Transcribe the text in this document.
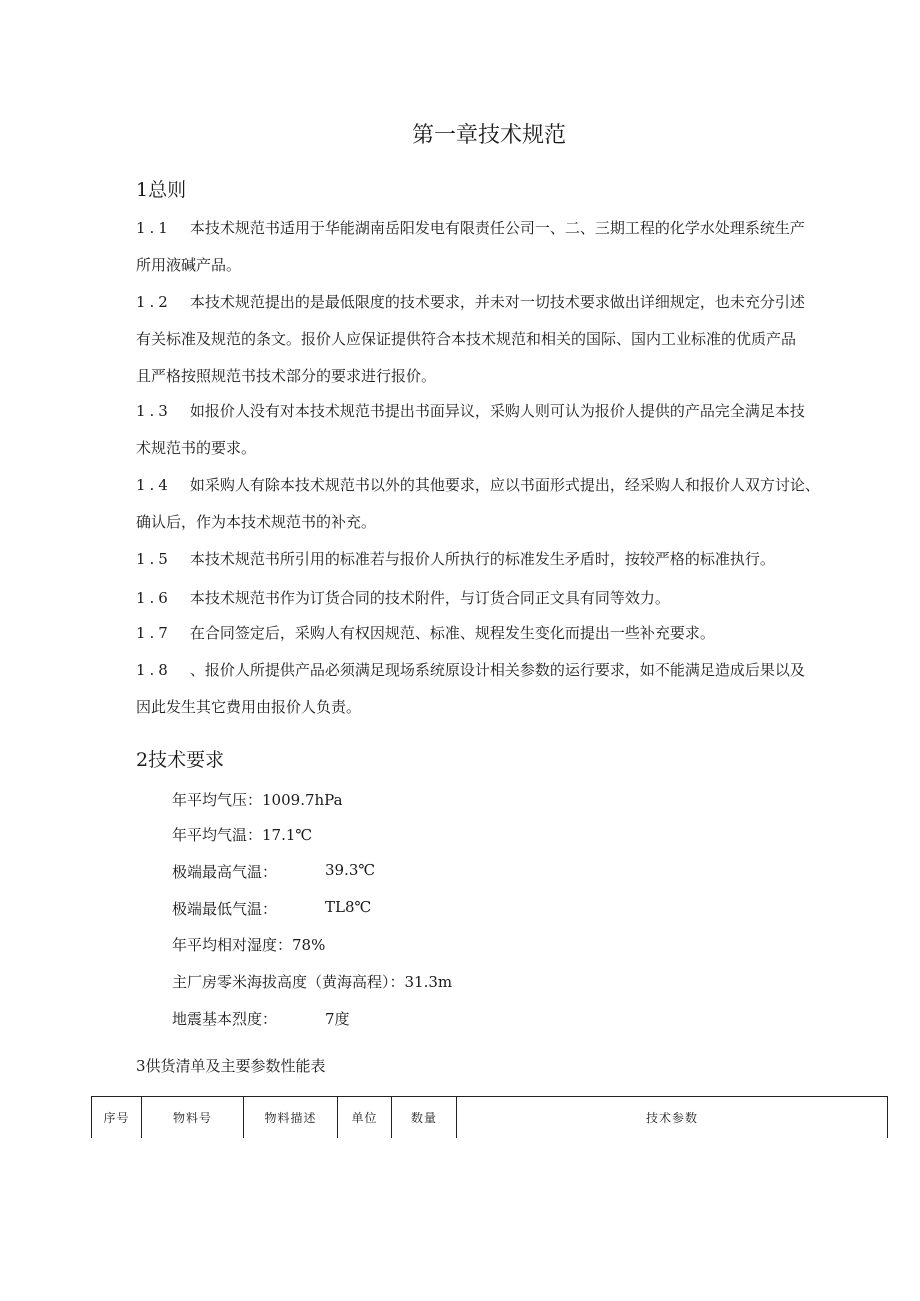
第一章技术规范
1总则
1.1 本技术规范书适用于华能湖南岳阳发电有限责任公司一、二、三期工程的化学水处理系统生产
所用液碱产品。
1.2 本技术规范提出的是最低限度的技术要求，并未对一切技术要求做出详细规定，也未充分引述
有关标准及规范的条文。报价人应保证提供符合本技术规范和相关的国际、国内工业标准的优质产品
且严格按照规范书技术部分的要求进行报价。
1.3 如报价人没有对本技术规范书提出书面异议，采购人则可认为报价人提供的产品完全满足本技
术规范书的要求。
1.4 如采购人有除本技术规范书以外的其他要求，应以书面形式提出，经采购人和报价人双方讨论、
确认后，作为本技术规范书的补充。
1.5 本技术规范书所引用的标准若与报价人所执行的标准发生矛盾时，按较严格的标准执行。
1.6 本技术规范书作为订货合同的技术附件，与订货合同正文具有同等效力。
1.7 在合同签定后，采购人有权因规范、标准、规程发生变化而提出一些补充要求。
1.8 、报价人所提供产品必须满足现场系统原设计相关参数的运行要求，如不能满足造成后果以及
因此发生其它费用由报价人负责。
2技术要求
年平均气压：1009.7hPa
年平均气温：17.1℃
极端最高气温：	39.3℃
极端最低气温：	TL8℃
年平均相对湿度：78%
主厂房零米海拔高度（黄海高程）：31.3m
地震基本烈度：	7度
3供货清单及主要参数性能表
序号	物料号	物料描述	单位	数量	技术参数
